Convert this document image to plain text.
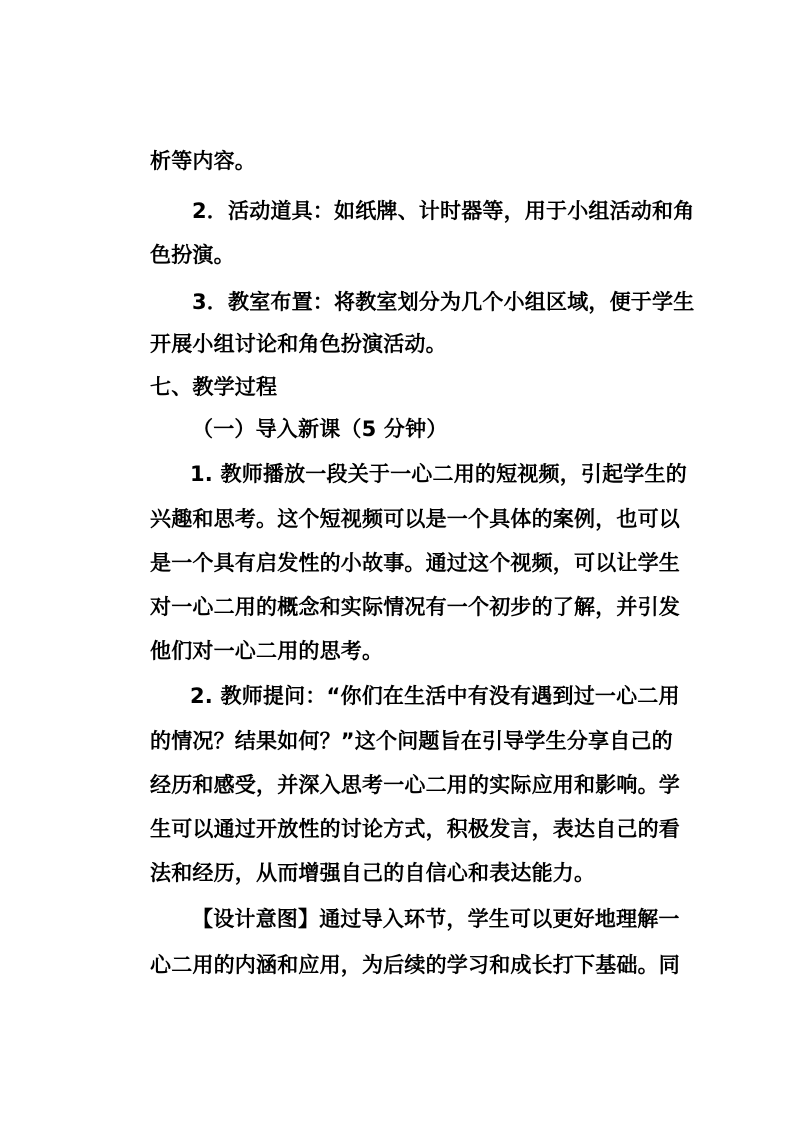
析等内容。
2．活动道具：如纸牌、计时器等，用于小组活动和角
色扮演。
3．教室布置：将教室划分为几个小组区域，便于学生
开展小组讨论和角色扮演活动。
七、教学过程
（一）导入新课（5 分钟）
1. 教师播放一段关于一心二用的短视频，引起学生的
兴趣和思考。这个短视频可以是一个具体的案例，也可以
是一个具有启发性的小故事。通过这个视频，可以让学生
对一心二用的概念和实际情况有一个初步的了解，并引发
他们对一心二用的思考。
2. 教师提问：“你们在生活中有没有遇到过一心二用
的情况？结果如何？”这个问题旨在引导学生分享自己的
经历和感受，并深入思考一心二用的实际应用和影响。学
生可以通过开放性的讨论方式，积极发言，表达自己的看
法和经历，从而增强自己的自信心和表达能力。
【设计意图】通过导入环节，学生可以更好地理解一
心二用的内涵和应用，为后续的学习和成长打下基础。同
